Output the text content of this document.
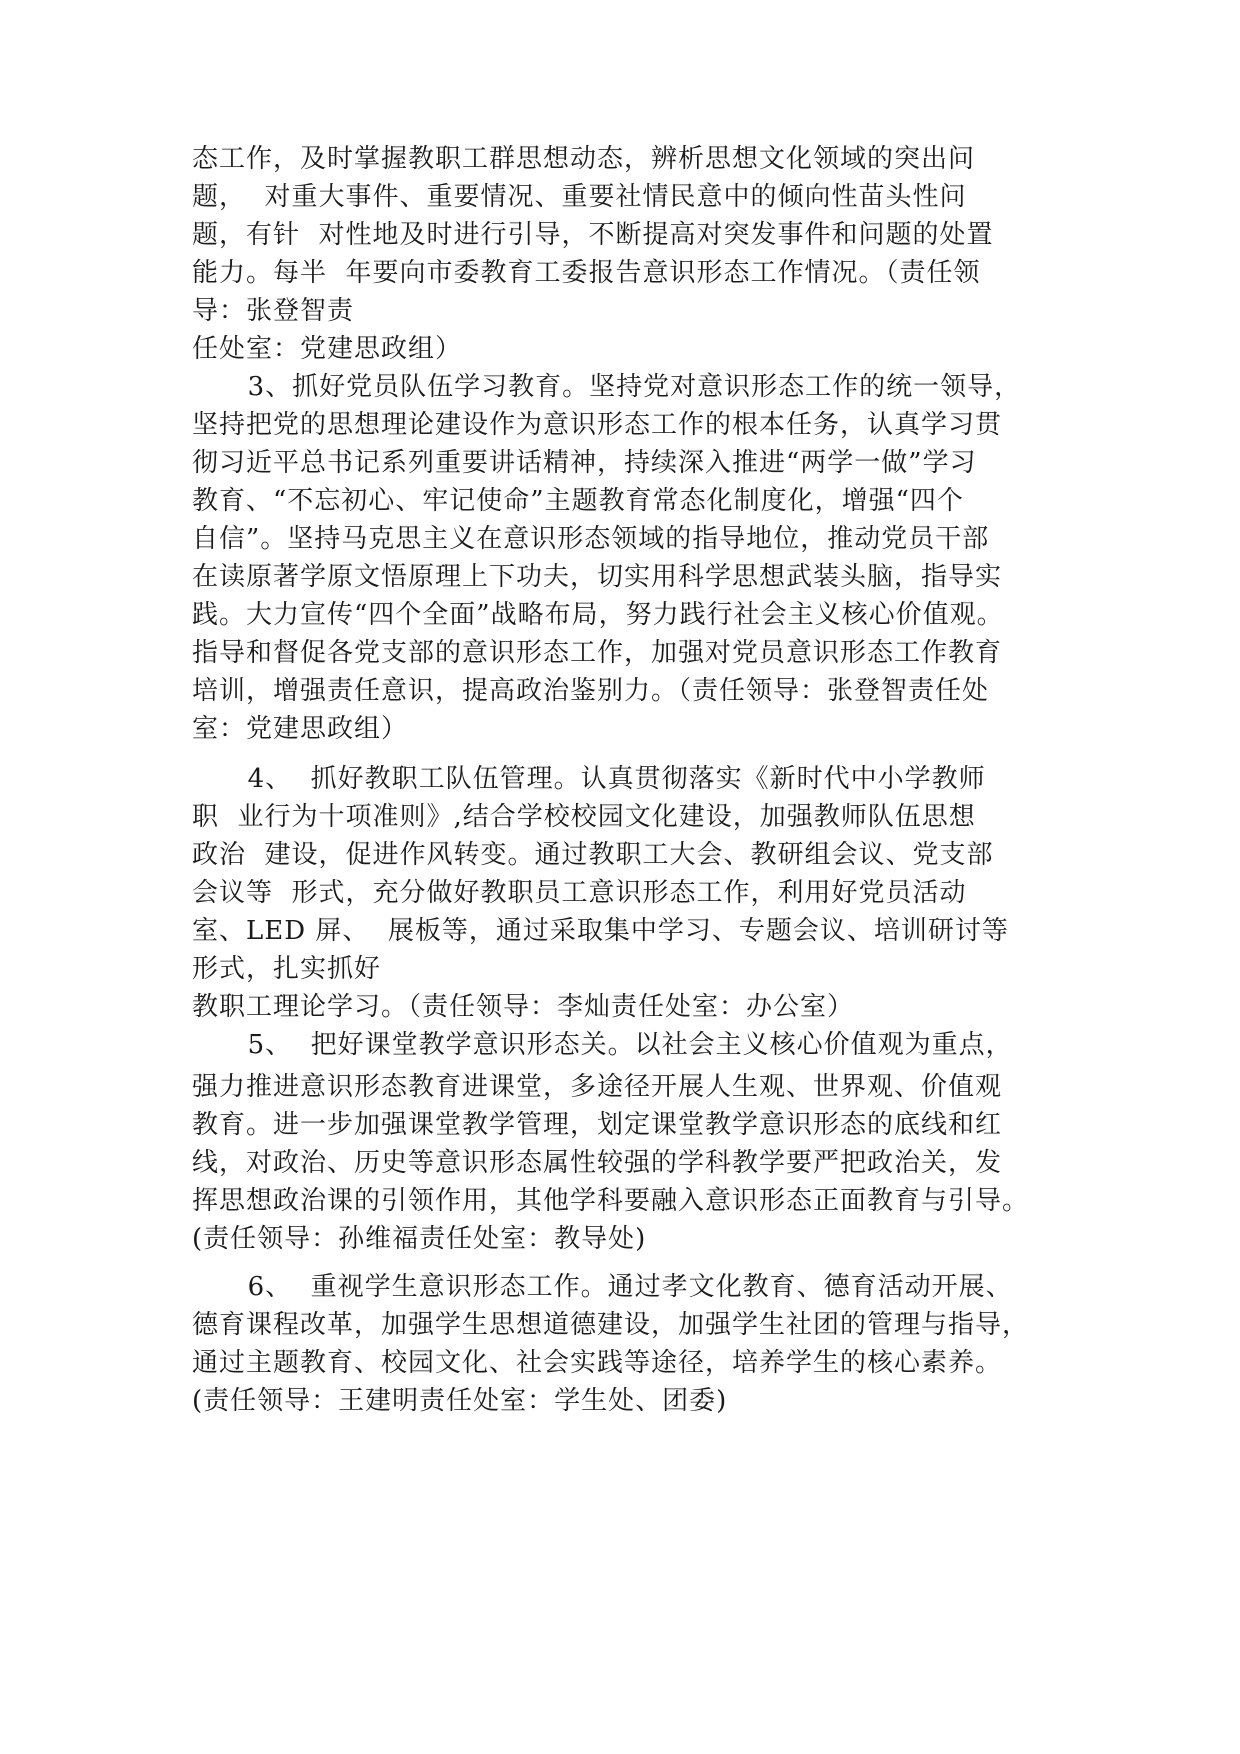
态工作，及时掌握教职工群思想动态，辨析思想文化领域的突出问
题，  对重大事件、重要情况、重要社情民意中的倾向性苗头性问
题，有针  对性地及时进行引导，不断提高对突发事件和问题的处置
能力。每半  年要向市委教育工委报告意识形态工作情况。（责任领
导：张登智责
任处室：党建思政组）
3、抓好党员队伍学习教育。坚持党对意识形态工作的统一领导，
坚持把党的思想理论建设作为意识形态工作的根本任务，认真学习贯
彻习近平总书记系列重要讲话精神，持续深入推进“两学一做”学习
教育、“不忘初心、牢记使命”主题教育常态化制度化，增强“四个
自信”。坚持马克思主义在意识形态领域的指导地位，推动党员干部
在读原著学原文悟原理上下功夫，切实用科学思想武装头脑，指导实
践。大力宣传“四个全面”战略布局，努力践行社会主义核心价值观。
指导和督促各党支部的意识形态工作，加强对党员意识形态工作教育
培训，增强责任意识，提高政治鉴别力。（责任领导：张登智责任处
室：党建思政组）
4、  抓好教职工队伍管理。认真贯彻落实《新时代中小学教师
职  业行为十项准则》,结合学校校园文化建设，加强教师队伍思想
政治  建设，促进作风转变。通过教职工大会、教研组会议、党支部
会议等  形式，充分做好教职员工意识形态工作，利用好党员活动
室、LED 屏、  展板等，通过采取集中学习、专题会议、培训研讨等
形式，扎实抓好
教职工理论学习。（责任领导：李灿责任处室：办公室）
5、  把好课堂教学意识形态关。以社会主义核心价值观为重点，
强力推进意识形态教育进课堂，多途径开展人生观、世界观、价值观
教育。进一步加强课堂教学管理，划定课堂教学意识形态的底线和红
线，对政治、历史等意识形态属性较强的学科教学要严把政治关，发
挥思想政治课的引领作用，其他学科要融入意识形态正面教育与引导。
(责任领导：孙维福责任处室：教导处)
6、  重视学生意识形态工作。通过孝文化教育、德育活动开展、
德育课程改革，加强学生思想道德建设，加强学生社团的管理与指导，
通过主题教育、校园文化、社会实践等途径，培养学生的核心素养。
(责任领导：王建明责任处室：学生处、团委)
